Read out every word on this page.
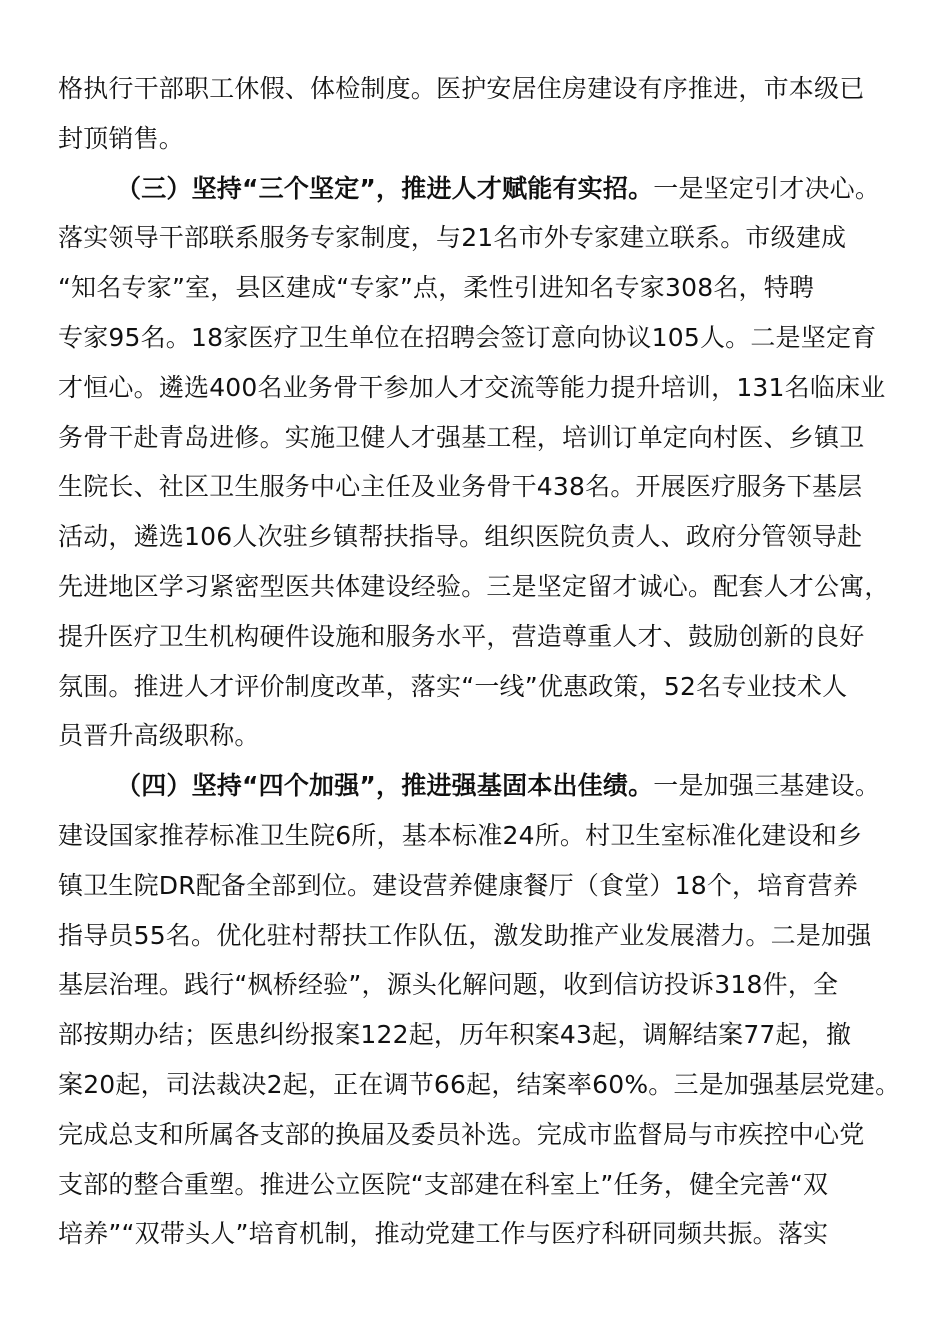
格执行干部职工休假、体检制度。医护安居住房建设有序推进，市本级已
封顶销售。
（三）坚持“三个坚定”，推进人才赋能有实招。一是坚定引才决心。
落实领导干部联系服务专家制度，与21名市外专家建立联系。市级建成
“知名专家”室，县区建成“专家”点，柔性引进知名专家308名，特聘
专家95名。18家医疗卫生单位在招聘会签订意向协议105人。二是坚定育
才恒心。遴选400名业务骨干参加人才交流等能力提升培训，131名临床业
务骨干赴青岛进修。实施卫健人才强基工程，培训订单定向村医、乡镇卫
生院长、社区卫生服务中心主任及业务骨干438名。开展医疗服务下基层
活动，遴选106人次驻乡镇帮扶指导。组织医院负责人、政府分管领导赴
先进地区学习紧密型医共体建设经验。三是坚定留才诚心。配套人才公寓，
提升医疗卫生机构硬件设施和服务水平，营造尊重人才、鼓励创新的良好
氛围。推进人才评价制度改革，落实“一线”优惠政策，52名专业技术人
员晋升高级职称。
（四）坚持“四个加强”，推进强基固本出佳绩。一是加强三基建设。
建设国家推荐标准卫生院6所，基本标准24所。村卫生室标准化建设和乡
镇卫生院DR配备全部到位。建设营养健康餐厅（食堂）18个，培育营养
指导员55名。优化驻村帮扶工作队伍，激发助推产业发展潜力。二是加强
基层治理。践行“枫桥经验”，源头化解问题，收到信访投诉318件，全
部按期办结；医患纠纷报案122起，历年积案43起，调解结案77起，撤
案20起，司法裁决2起，正在调节66起，结案率60%。三是加强基层党建。
完成总支和所属各支部的换届及委员补选。完成市监督局与市疾控中心党
支部的整合重塑。推进公立医院“支部建在科室上”任务，健全完善“双
培养”“双带头人”培育机制，推动党建工作与医疗科研同频共振。落实
